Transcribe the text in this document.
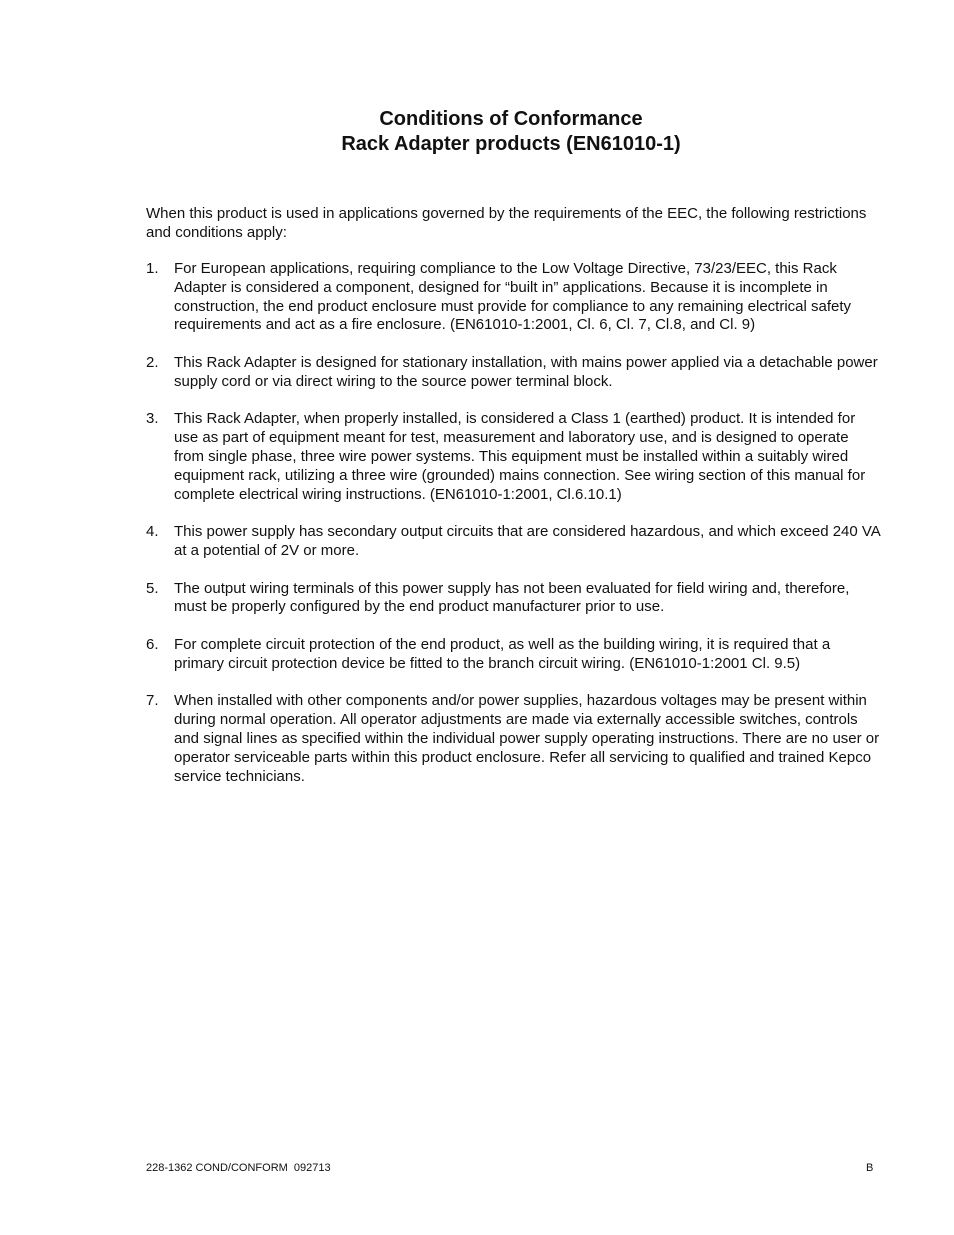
Conditions of Conformance
Rack Adapter products (EN61010-1)

When this product is used in applications governed by the requirements of the EEC, the following restrictions and conditions apply:

1. For European applications, requiring compliance to the Low Voltage Directive, 73/23/EEC, this Rack Adapter is considered a component, designed for “built in” applications. Because it is incomplete in construction, the end product enclosure must provide for compliance to any remaining electrical safety requirements and act as a fire enclosure. (EN61010-1:2001, Cl. 6, Cl. 7, Cl.8, and Cl. 9)
2. This Rack Adapter is designed for stationary installation, with mains power applied via a detachable power supply cord or via direct wiring to the source power terminal block.
3. This Rack Adapter, when properly installed, is considered a Class 1 (earthed) product. It is intended for use as part of equipment meant for test, measurement and laboratory use, and is designed to operate from single phase, three wire power systems. This equipment must be installed within a suitably wired equipment rack, utilizing a three wire (grounded) mains connection. See wiring section of this manual for complete electrical wiring instructions. (EN61010-1:2001, Cl.6.10.1)
4. This power supply has secondary output circuits that are considered hazardous, and which exceed 240 VA at a potential of 2V or more.
5. The output wiring terminals of this power supply has not been evaluated for field wiring and, therefore, must be properly configured by the end product manufacturer prior to use.
6. For complete circuit protection of the end product, as well as the building wiring, it is required that a primary circuit protection device be fitted to the branch circuit wiring. (EN61010-1:2001 Cl. 9.5)
7. When installed with other components and/or power supplies, hazardous voltages may be present within during normal operation. All operator adjustments are made via externally accessible switches, controls and signal lines as specified within the individual power supply operating instructions. There are no user or operator serviceable parts within this product enclosure. Refer all servicing to qualified and trained Kepco service technicians.
228-1362 COND/CONFORM  092713	B
